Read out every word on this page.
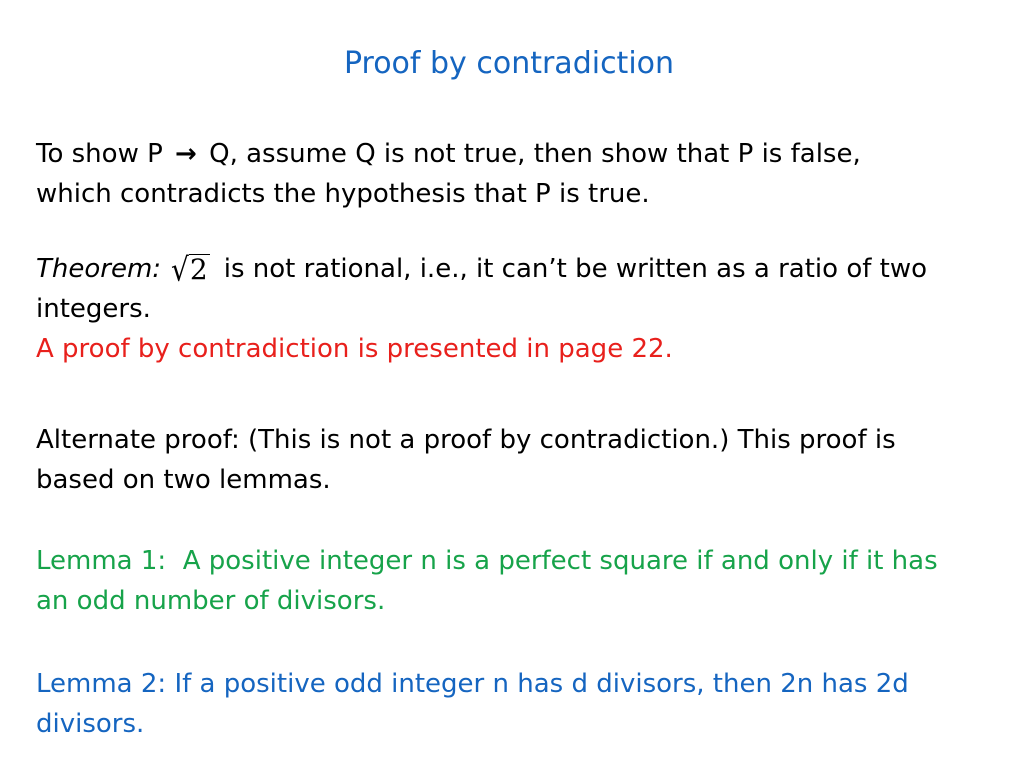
Proof by contradiction
To show P → Q, assume Q is not true, then show that P is false,
which contradicts the hypothesis that P is true.
Theorem: √2 is not rational, i.e., it can’t be written as a ratio of two
integers.
A proof by contradiction is presented in page 22.
Alternate proof: (This is not a proof by contradiction.) This proof is
based on two lemmas.
Lemma 1:  A positive integer n is a perfect square if and only if it has
an odd number of divisors.
Lemma 2: If a positive odd integer n has d divisors, then 2n has 2d
divisors.
